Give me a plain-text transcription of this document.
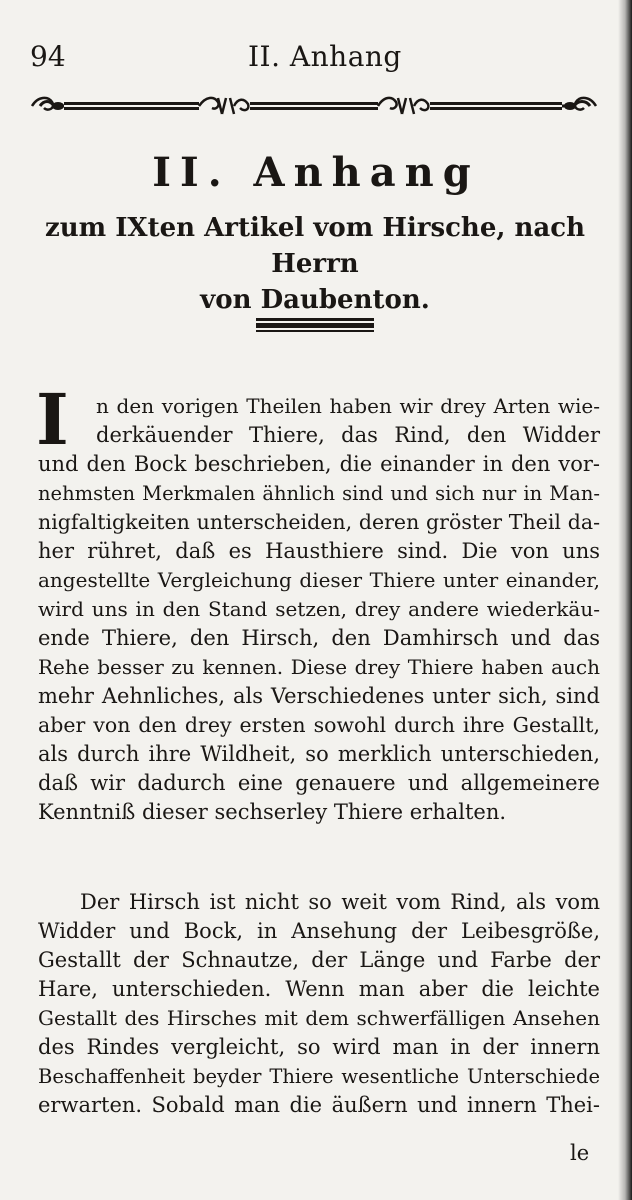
94	II. Anhang
II. Anhang
zum IXten Artikel vom Hirsche, nach Herrn
von Daubenton.
I	n den vorigen Theilen haben wir drey Arten wie-
derkäuender Thiere, das Rind, den Widder
und den Bock beschrieben, die einander in den vor-
nehmsten Merkmalen ähnlich sind und sich nur in Man-
nigfaltigkeiten unterscheiden, deren gröster Theil da-
her rühret, daß es Hausthiere sind. Die von uns
angestellte Vergleichung dieser Thiere unter einander,
wird uns in den Stand setzen, drey andere wiederkäu-
ende Thiere, den Hirsch, den Damhirsch und das
Rehe besser zu kennen. Diese drey Thiere haben auch
mehr Aehnliches, als Verschiedenes unter sich, sind
aber von den drey ersten sowohl durch ihre Gestallt,
als durch ihre Wildheit, so merklich unterschieden,
daß wir dadurch eine genauere und allgemeinere
Kenntniß dieser sechserley Thiere erhalten.
Der Hirsch ist nicht so weit vom Rind, als vom
Widder und Bock, in Ansehung der Leibesgröße,
Gestallt der Schnautze, der Länge und Farbe der
Hare, unterschieden. Wenn man aber die leichte
Gestallt des Hirsches mit dem schwerfälligen Ansehen
des Rindes vergleicht, so wird man in der innern
Beschaffenheit beyder Thiere wesentliche Unterschiede
erwarten. Sobald man die äußern und innern Thei-
le
